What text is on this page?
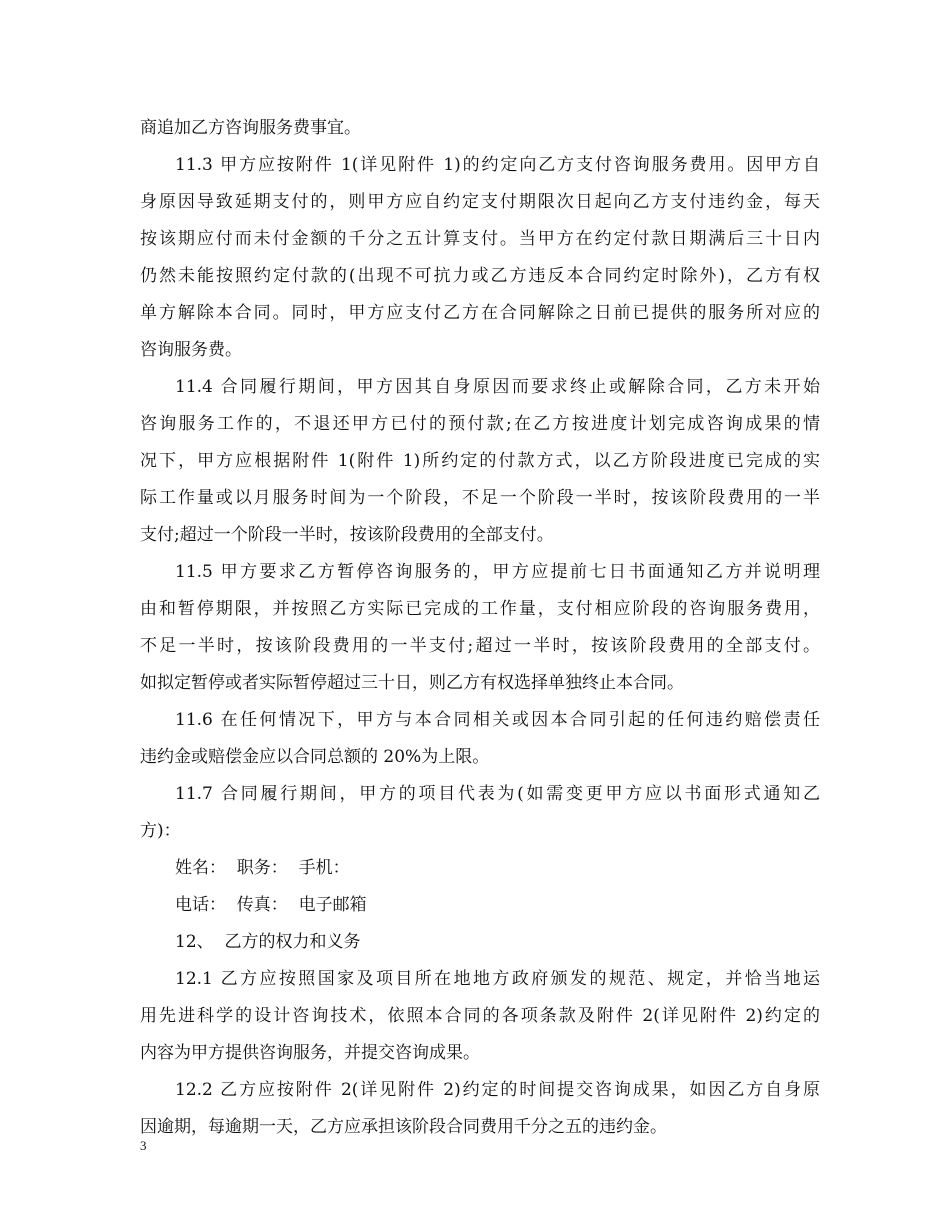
商追加乙方咨询服务费事宜。
11.3 甲方应按附件 1(详见附件 1)的约定向乙方支付咨询服务费用。因甲方自
身原因导致延期支付的，则甲方应自约定支付期限次日起向乙方支付违约金，每天
按该期应付而未付金额的千分之五计算支付。当甲方在约定付款日期满后三十日内
仍然未能按照约定付款的(出现不可抗力或乙方违反本合同约定时除外)，乙方有权
单方解除本合同。同时，甲方应支付乙方在合同解除之日前已提供的服务所对应的
咨询服务费。
11.4 合同履行期间，甲方因其自身原因而要求终止或解除合同，乙方未开始
咨询服务工作的，不退还甲方已付的预付款;在乙方按进度计划完成咨询成果的情
况下，甲方应根据附件 1(附件 1)所约定的付款方式，以乙方阶段进度已完成的实
际工作量或以月服务时间为一个阶段，不足一个阶段一半时，按该阶段费用的一半
支付;超过一个阶段一半时，按该阶段费用的全部支付。
11.5 甲方要求乙方暂停咨询服务的，甲方应提前七日书面通知乙方并说明理
由和暂停期限，并按照乙方实际已完成的工作量，支付相应阶段的咨询服务费用，
不足一半时，按该阶段费用的一半支付;超过一半时，按该阶段费用的全部支付。
如拟定暂停或者实际暂停超过三十日，则乙方有权选择单独终止本合同。
11.6 在任何情况下，甲方与本合同相关或因本合同引起的任何违约赔偿责任
违约金或赔偿金应以合同总额的 20%为上限。
11.7 合同履行期间，甲方的项目代表为(如需变更甲方应以书面形式通知乙
方)：
姓名：  职务：  手机：
电话：  传真：  电子邮箱
12、  乙方的权力和义务
12.1 乙方应按照国家及项目所在地地方政府颁发的规范、规定，并恰当地运
用先进科学的设计咨询技术，依照本合同的各项条款及附件 2(详见附件 2)约定的
内容为甲方提供咨询服务，并提交咨询成果。
12.2 乙方应按附件 2(详见附件 2)约定的时间提交咨询成果，如因乙方自身原
因逾期，每逾期一天，乙方应承担该阶段合同费用千分之五的违约金。
3
